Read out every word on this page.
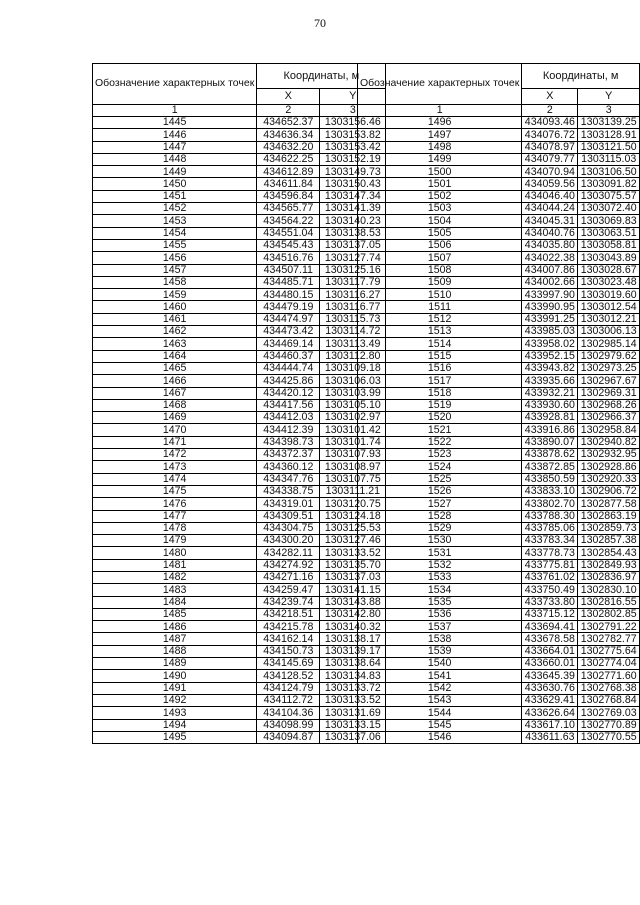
70
Обозначение характерных точек	Координаты, м	
	X	Y
1	2	3
1445	434652.37	1303156.46
1446	434636.34	1303153.82
1447	434632.20	1303153.42
1448	434622.25	1303152.19
1449	434612.89	1303149.73
1450	434611.84	1303150.43
1451	434596.84	1303147.34
1452	434565.77	1303141.39
1453	434564.22	1303140.23
1454	434551.04	1303138.53
1455	434545.43	1303137.05
1456	434516.76	1303127.74
1457	434507.11	1303125.16
1458	434485.71	1303117.79
1459	434480.15	1303116.27
1460	434479.19	1303116.77
1461	434474.97	1303115.73
1462	434473.42	1303114.72
1463	434469.14	1303113.49
1464	434460.37	1303112.80
1465	434444.74	1303109.18
1466	434425.86	1303106.03
1467	434420.12	1303103.99
1468	434417.56	1303105.10
1469	434412.03	1303102.97
1470	434412.39	1303101.42
1471	434398.73	1303101.74
1472	434372.37	1303107.93
1473	434360.12	1303108.97
1474	434347.76	1303107.75
1475	434338.75	1303111.21
1476	434319.01	1303120.75
1477	434309.51	1303124.18
1478	434304.75	1303125.53
1479	434300.20	1303127.46
1480	434282.11	1303133.52
1481	434274.92	1303135.70
1482	434271.16	1303137.03
1483	434259.47	1303141.15
1484	434239.74	1303143.88
1485	434218.51	1303142.80
1486	434215.78	1303140.32
1487	434162.14	1303138.17
1488	434150.73	1303139.17
1489	434145.69	1303138.64
1490	434128.52	1303134.83
1491	434124.79	1303133.72
1492	434112.72	1303133.52
1493	434104.36	1303131.69
1494	434098.99	1303133.15
1495	434094.87	1303137.06
Обозначение характерных точек	Координаты, м	
	X	Y
1	2	3
1496	434093.46	1303139.25
1497	434076.72	1303128.91
1498	434078.97	1303121.50
1499	434079.77	1303115.03
1500	434070.94	1303106.50
1501	434059.56	1303091.82
1502	434046.40	1303075.57
1503	434044.24	1303072.40
1504	434045.31	1303069.83
1505	434040.76	1303063.51
1506	434035.80	1303058.81
1507	434022.38	1303043.89
1508	434007.86	1303028.67
1509	434002.66	1303023.48
1510	433997.90	1303019.60
1511	433990.95	1303012.54
1512	433991.25	1303012.21
1513	433985.03	1303006.13
1514	433958.02	1302985.14
1515	433952.15	1302979.62
1516	433943.82	1302973.25
1517	433935.66	1302967.67
1518	433932.21	1302969.31
1519	433930.60	1302968.26
1520	433928.81	1302966.37
1521	433916.86	1302958.84
1522	433890.07	1302940.82
1523	433878.62	1302932.95
1524	433872.85	1302928.86
1525	433850.59	1302920.33
1526	433833.10	1302906.72
1527	433802.70	1302877.58
1528	433788.30	1302863.19
1529	433785.06	1302859.73
1530	433783.34	1302857.38
1531	433778.73	1302854.43
1532	433775.81	1302849.93
1533	433761.02	1302836.97
1534	433750.49	1302830.10
1535	433733.80	1302816.55
1536	433715.12	1302802.85
1537	433694.41	1302791.22
1538	433678.58	1302782.77
1539	433664.01	1302775.64
1540	433660.01	1302774.04
1541	433645.39	1302771.60
1542	433630.76	1302768.38
1543	433629.41	1302768.84
1544	433626.64	1302769.03
1545	433617.10	1302770.89
1546	433611.63	1302770.55
